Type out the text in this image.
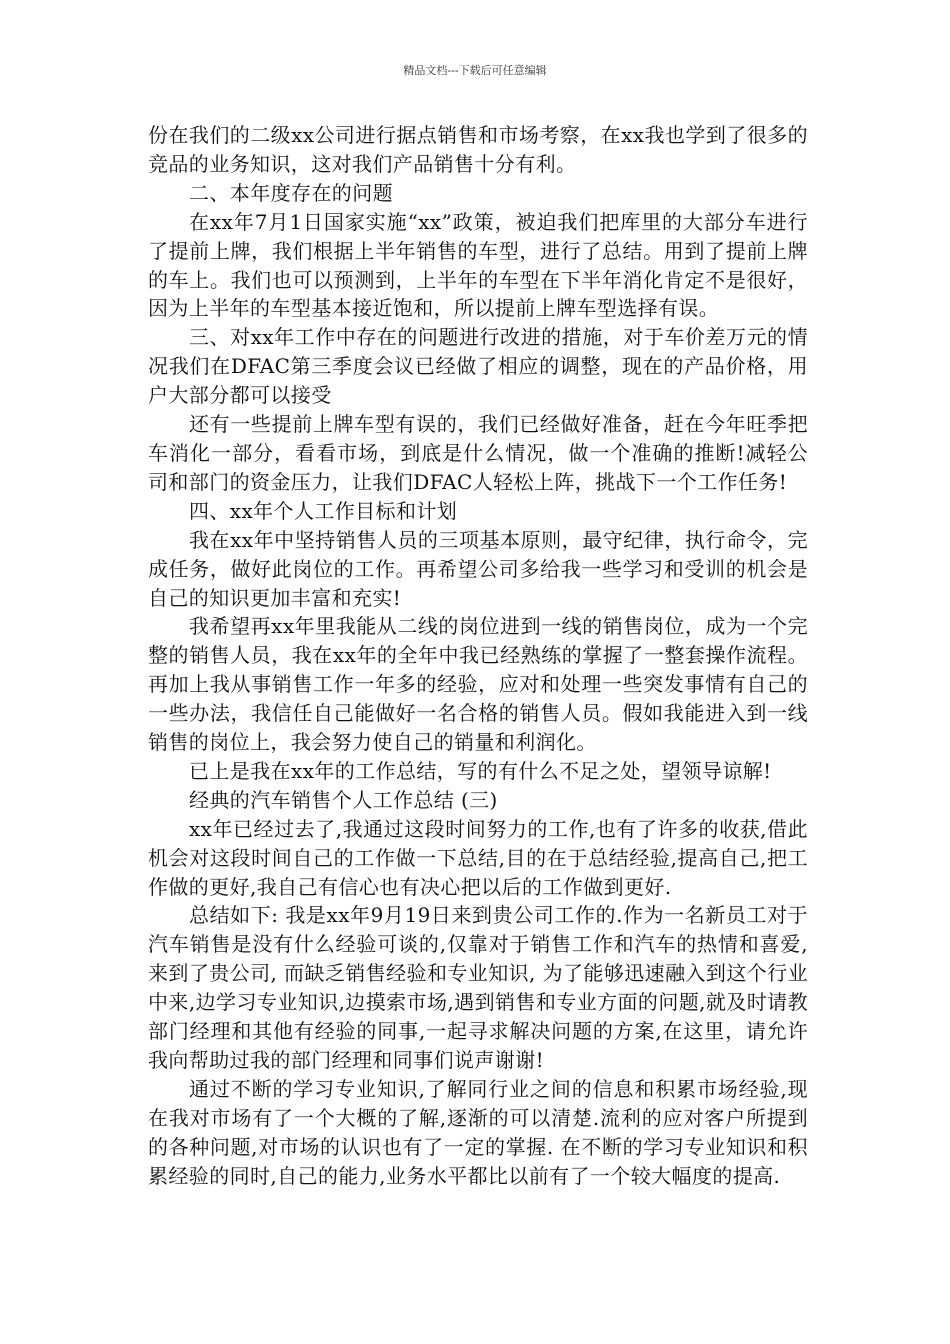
精品文档---下载后可任意编辑

份在我们的二级xx公司进行据点销售和市场考察，在xx我也学到了很多的竞品的业务知识，这对我们产品销售十分有利。

二、本年度存在的问题

在xx年7月1日国家实施“xx”政策，被迫我们把库里的大部分车进行了提前上牌，我们根据上半年销售的车型，进行了总结。用到了提前上牌的车上。我们也可以预测到，上半年的车型在下半年消化肯定不是很好，因为上半年的车型基本接近饱和，所以提前上牌车型选择有误。

三、对xx年工作中存在的问题进行改进的措施，对于车价差万元的情况我们在DFAC第三季度会议已经做了相应的调整，现在的产品价格，用户大部分都可以接受

还有一些提前上牌车型有误的，我们已经做好准备，赶在今年旺季把车消化一部分，看看市场，到底是什么情况，做一个准确的推断!减轻公司和部门的资金压力，让我们DFAC人轻松上阵，挑战下一个工作任务!

四、xx年个人工作目标和计划

我在xx年中坚持销售人员的三项基本原则，最守纪律，执行命令，完成任务，做好此岗位的工作。再希望公司多给我一些学习和受训的机会是自己的知识更加丰富和充实!

我希望再xx年里我能从二线的岗位进到一线的销售岗位，成为一个完整的销售人员，我在xx年的全年中我已经熟练的掌握了一整套操作流程。再加上我从事销售工作一年多的经验，应对和处理一些突发事情有自己的一些办法，我信任自己能做好一名合格的销售人员。假如我能进入到一线销售的岗位上，我会努力使自己的销量和利润化。

已上是我在xx年的工作总结，写的有什么不足之处，望领导谅解!

经典的汽车销售个人工作总结 (三)

xx年已经过去了,我通过这段时间努力的工作,也有了许多的收获,借此机会对这段时间自己的工作做一下总结,目的在于总结经验,提高自己,把工作做的更好,我自己有信心也有决心把以后的工作做到更好.

总结如下: 我是xx年9月19日来到贵公司工作的.作为一名新员工对于汽车销售是没有什么经验可谈的,仅靠对于销售工作和汽车的热情和喜爱,来到了贵公司, 而缺乏销售经验和专业知识, 为了能够迅速融入到这个行业中来,边学习专业知识,边摸索市场,遇到销售和专业方面的问题,就及时请教部门经理和其他有经验的同事,一起寻求解决问题的方案,在这里，请允许我向帮助过我的部门经理和同事们说声谢谢!

通过不断的学习专业知识,了解同行业之间的信息和积累市场经验,现在我对市场有了一个大概的了解,逐渐的可以清楚.流利的应对客户所提到的各种问题,对市场的认识也有了一定的掌握. 在不断的学习专业知识和积累经验的同时,自己的能力,业务水平都比以前有了一个较大幅度的提高.
